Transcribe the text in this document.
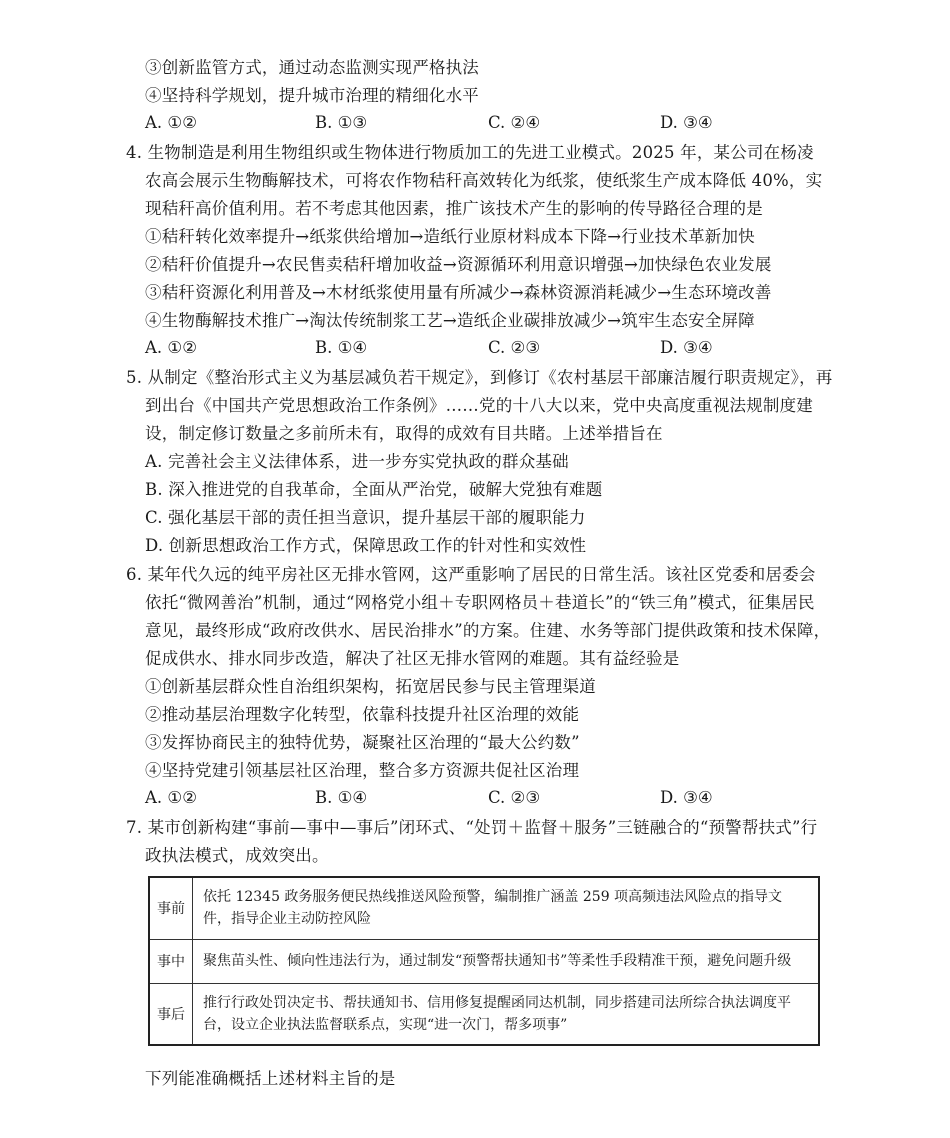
③创新监管方式，通过动态监测实现严格执法
④坚持科学规划，提升城市治理的精细化水平
A. ①②	B. ①③	C. ②④	D. ③④
4. 生物制造是利用生物组织或生物体进行物质加工的先进工业模式。2025 年，某公司在杨凌
农高会展示生物酶解技术，可将农作物秸秆高效转化为纸浆，使纸浆生产成本降低 40%，实
现秸秆高价值利用。若不考虑其他因素，推广该技术产生的影响的传导路径合理的是
①秸秆转化效率提升→纸浆供给增加→造纸行业原材料成本下降→行业技术革新加快
②秸秆价值提升→农民售卖秸秆增加收益→资源循环利用意识增强→加快绿色农业发展
③秸秆资源化利用普及→木材纸浆使用量有所减少→森林资源消耗减少→生态环境改善
④生物酶解技术推广→淘汰传统制浆工艺→造纸企业碳排放减少→筑牢生态安全屏障
A. ①②	B. ①④	C. ②③	D. ③④
5. 从制定《整治形式主义为基层减负若干规定》，到修订《农村基层干部廉洁履行职责规定》，再
到出台《中国共产党思想政治工作条例》……党的十八大以来，党中央高度重视法规制度建
设，制定修订数量之多前所未有，取得的成效有目共睹。上述举措旨在
A. 完善社会主义法律体系，进一步夯实党执政的群众基础
B. 深入推进党的自我革命，全面从严治党，破解大党独有难题
C. 强化基层干部的责任担当意识，提升基层干部的履职能力
D. 创新思想政治工作方式，保障思政工作的针对性和实效性
6. 某年代久远的纯平房社区无排水管网，这严重影响了居民的日常生活。该社区党委和居委会
依托“微网善治”机制，通过“网格党小组＋专职网格员＋巷道长”的“铁三角”模式，征集居民
意见，最终形成“政府改供水、居民治排水”的方案。住建、水务等部门提供政策和技术保障，
促成供水、排水同步改造，解决了社区无排水管网的难题。其有益经验是
①创新基层群众性自治组织架构，拓宽居民参与民主管理渠道
②推动基层治理数字化转型，依靠科技提升社区治理的效能
③发挥协商民主的独特优势，凝聚社区治理的“最大公约数”
④坚持党建引领基层社区治理，整合多方资源共促社区治理
A. ①②	B. ①④	C. ②③	D. ③④
7. 某市创新构建“事前—事中—事后”闭环式、“处罚＋监督＋服务”三链融合的“预警帮扶式”行
政执法模式，成效突出。
事前	依托 12345 政务服务便民热线推送风险预警，编制推广涵盖 259 项高频违法风险点的指导文
件，指导企业主动防控风险

事中	聚焦苗头性、倾向性违法行为，通过制发“预警帮扶通知书”等柔性手段精准干预，避免问题升级

事后	推行行政处罚决定书、帮扶通知书、信用修复提醒函同达机制，同步搭建司法所综合执法调度平
台，设立企业执法监督联系点，实现“进一次门，帮多项事”
下列能准确概括上述材料主旨的是
